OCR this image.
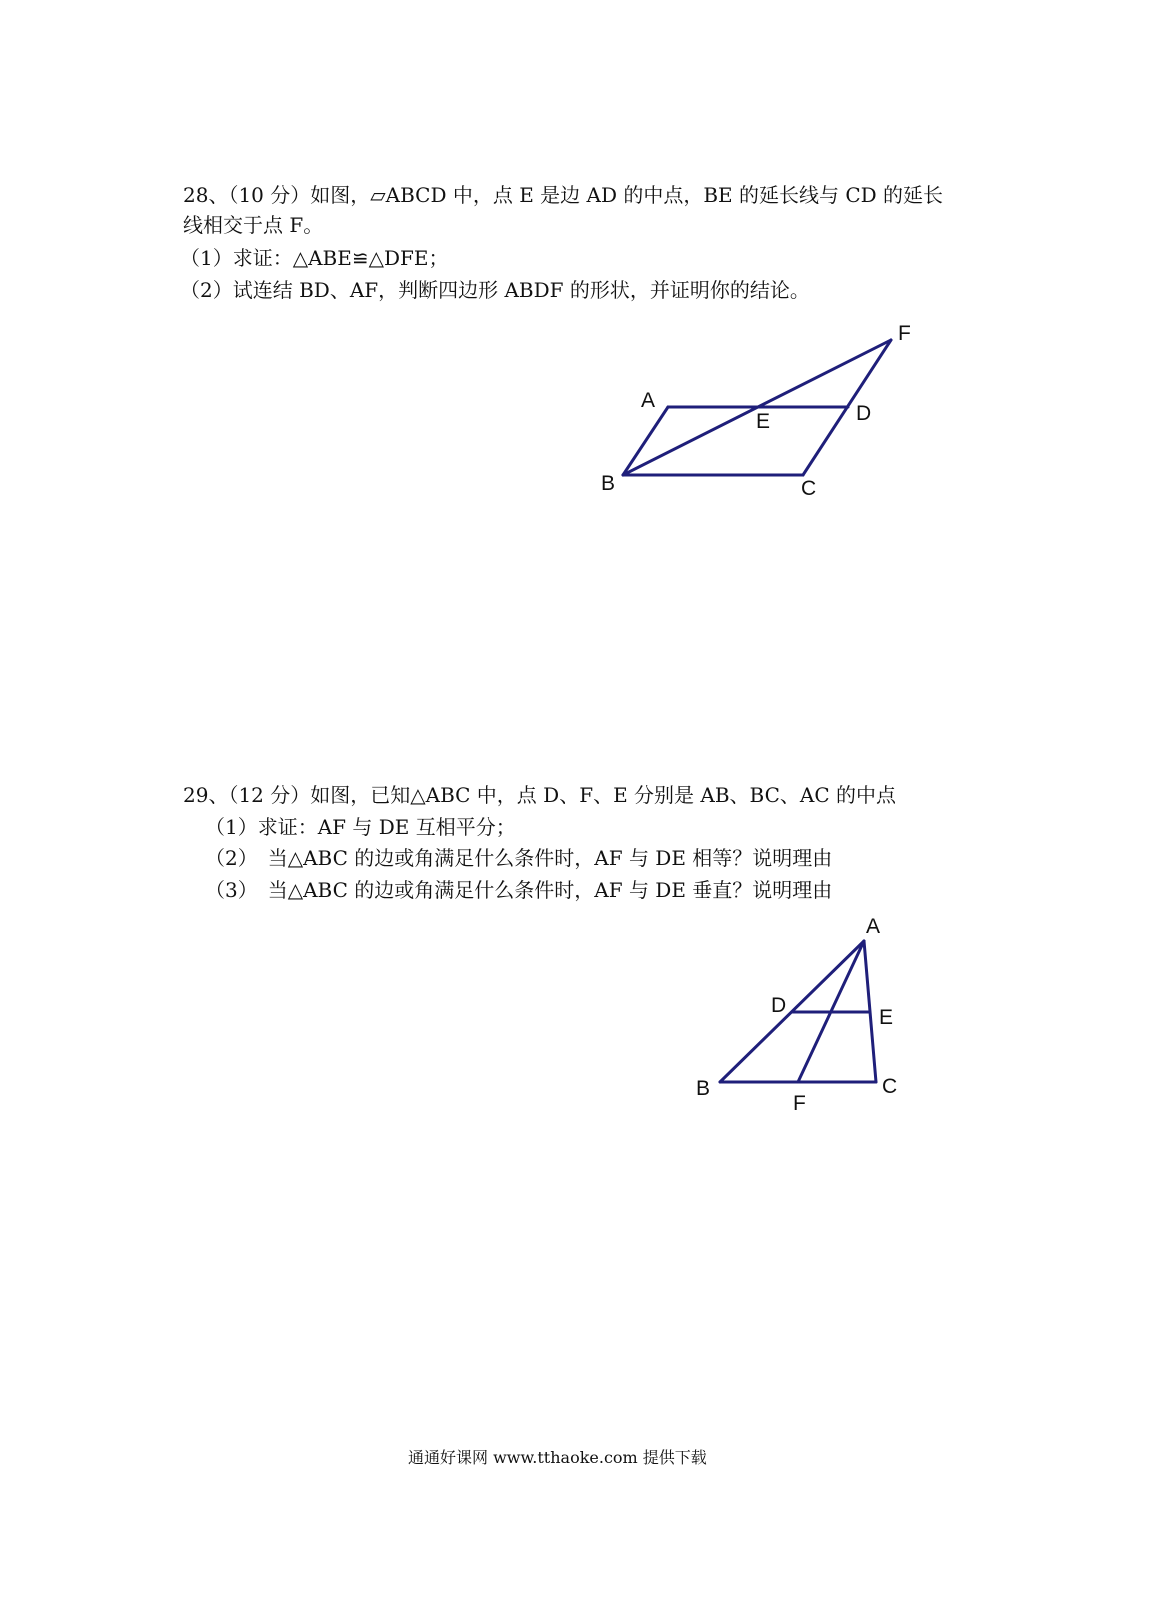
28、（10 分）如图，▱ABCD 中，点 E 是边 AD 的中点，BE 的延长线与 CD 的延长
线相交于点 F。
（1）求证：△ABE≌△DFE；
（2）试连结 BD、AF，判断四边形 ABDF 的形状，并证明你的结论。
A
B	C
D
E
F
29、（12 分）如图，已知△ABC 中，点 D、F、E 分别是 AB、BC、AC 的中点
（1）求证：AF 与 DE 互相平分；
（2）　当△ABC 的边或角满足什么条件时，AF 与 DE 相等？说明理由
（3）　当△ABC 的边或角满足什么条件时，AF 与 DE 垂直？说明理由
A
B	C
D
E
F
通通好课网 www.tthaoke.com 提供下载
